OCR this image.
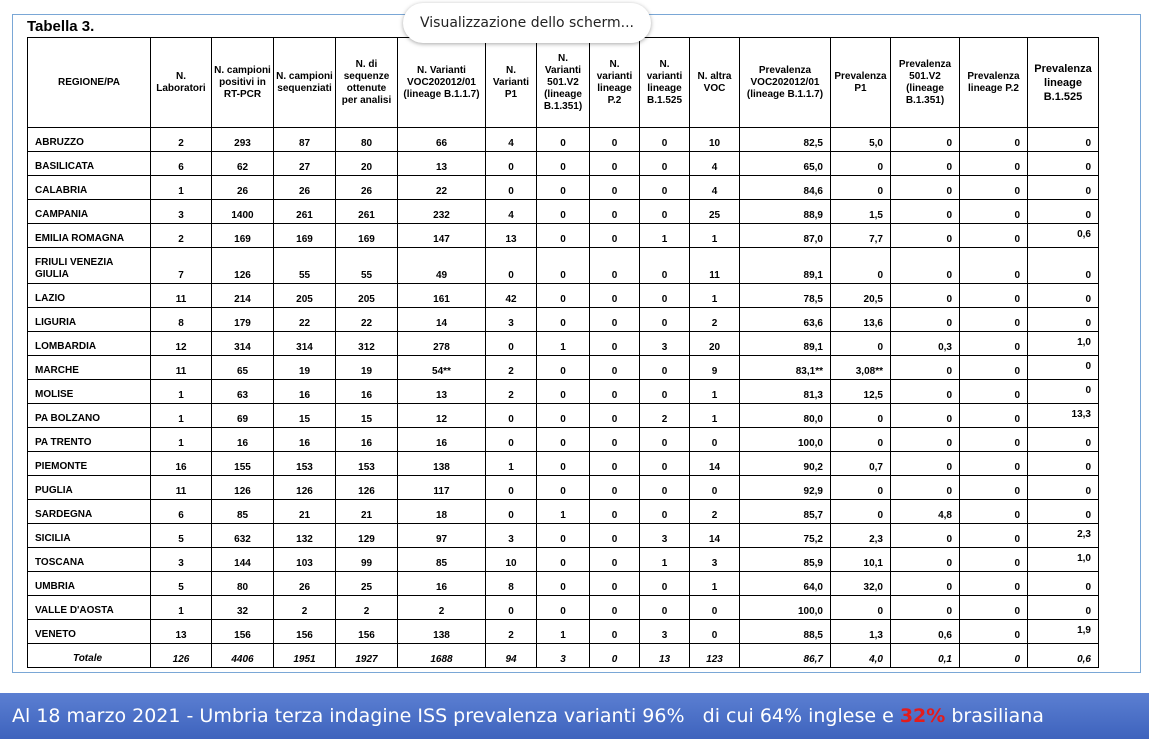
Tabella 3.	Visualizzazione dello scherm...
REGIONE/PA	N. Laboratori	N. campioni positivi in RT-PCR	N. campioni sequenziati	N. di sequenze ottenute per analisi	N. Varianti VOC202012/01 (lineage B.1.1.7)	N. Varianti P1	N. Varianti 501.V2 (lineage B.1.351)	N. varianti lineage P.2	N. varianti lineage B.1.525	N. altra VOC	Prevalenza VOC202012/01 (lineage B.1.1.7)	Prevalenza P1	Prevalenza 501.V2 (lineage B.1.351)	Prevalenza lineage P.2	Prevalenza lineage B.1.525
ABRUZZO	2	293	87	80	66	4	0	0	0	10	82,5	5,0	0	0	0
BASILICATA	6	62	27	20	13	0	0	0	0	4	65,0	0	0	0	0
CALABRIA	1	26	26	26	22	0	0	0	0	4	84,6	0	0	0	0
CAMPANIA	3	1400	261	261	232	4	0	0	0	25	88,9	1,5	0	0	0
EMILIA ROMAGNA	2	169	169	169	147	13	0	0	1	1	87,0	7,7	0	0	0,6
FRIULI VENEZIA GIULIA	7	126	55	55	49	0	0	0	0	11	89,1	0	0	0	0
LAZIO	11	214	205	205	161	42	0	0	0	1	78,5	20,5	0	0	0
LIGURIA	8	179	22	22	14	3	0	0	0	2	63,6	13,6	0	0	0
LOMBARDIA	12	314	314	312	278	0	1	0	3	20	89,1	0	0,3	0	1,0
MARCHE	11	65	19	19	54**	2	0	0	0	9	83,1**	3,08**	0	0	0
MOLISE	1	63	16	16	13	2	0	0	0	1	81,3	12,5	0	0	0
PA BOLZANO	1	69	15	15	12	0	0	0	2	1	80,0	0	0	0	13,3
PA TRENTO	1	16	16	16	16	0	0	0	0	0	100,0	0	0	0	0
PIEMONTE	16	155	153	153	138	1	0	0	0	14	90,2	0,7	0	0	0
PUGLIA	11	126	126	126	117	0	0	0	0	0	92,9	0	0	0	0
SARDEGNA	6	85	21	21	18	0	1	0	0	2	85,7	0	4,8	0	0
SICILIA	5	632	132	129	97	3	0	0	3	14	75,2	2,3	0	0	2,3
TOSCANA	3	144	103	99	85	10	0	0	1	3	85,9	10,1	0	0	1,0
UMBRIA	5	80	26	25	16	8	0	0	0	1	64,0	32,0	0	0	0
VALLE D'AOSTA	1	32	2	2	2	0	0	0	0	0	100,0	0	0	0	0
VENETO	13	156	156	156	138	2	1	0	3	0	88,5	1,3	0,6	0	1,9
Totale	126	4406	1951	1927	1688	94	3	0	13	123	86,7	4,0	0,1	0	0,6
Al 18 marzo 2021 - Umbria terza indagine ISS prevalenza varianti 96%   di cui 64% inglese e 32% brasiliana
